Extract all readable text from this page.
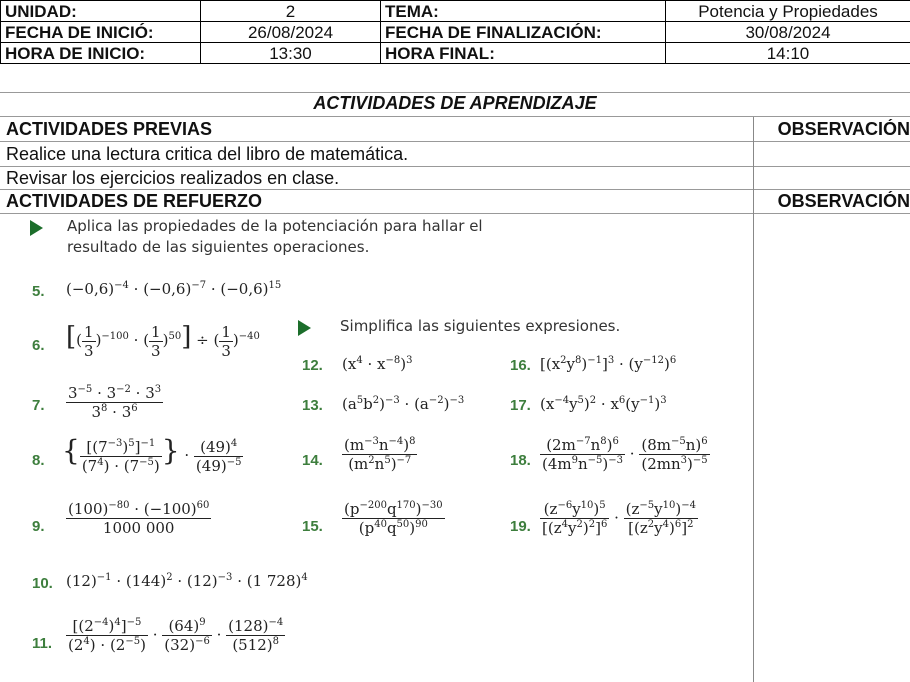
UNIDAD:	2	TEMA:	Potencia y Propiedades
FECHA DE INICIÓ:	26/08/2024	FECHA DE FINALIZACIÓN:	30/08/2024
HORA DE INICIO:	13:30	HORA FINAL:	14:10
ACTIVIDADES DE APRENDIZAJE
ACTIVIDADES PREVIAS	OBSERVACIÓN
Realice una lectura critica del libro de matemática.
Revisar los ejercicios realizados en clase.
ACTIVIDADES DE REFUERZO	OBSERVACIÓN
Aplica las propiedades de la potenciación para hallar el resultado de las siguientes operaciones.
5. $(-0,6)^{-4} \cdot (-0,6)^{-7} \cdot (-0,6)^{15}$
6. [( $\frac{1}{3} )^{-100}$ · ( $\frac{1}{3} )^{50}$] ÷ ( $\frac{1}{3} )^{-40}$
Simplifica las siguientes expresiones.
12. $(x^4 \cdot x^{-8})^3$	16. $[(x^2y^8)^{-1}]^3 \cdot (y^{-12})^6$
7. $\frac{3^{-5} \cdot 3^{-2} \cdot 3^3}{3^8 \cdot 3^6}$	13. $(a^5b^2)^{-3} \cdot (a^{-2})^{-3}$	17. $(x^{-4}y^5)^2 \cdot x^6(y^{-1})^3$
8. { $\frac{[(7^{-3})^5]^{-1}}{(7^4) \cdot (7^{-5})}$ } · $\frac{(49)^4}{(49)^{-5}}$	14. $\frac{(m^{-3}n^{-4})^8}{(m^2n^5)^{-7}}$	18. $\frac{(2m^{-7}n^8)^6}{(4m^9n^{-5})^{-3}} \cdot \frac{(8m^{-5}n)^6}{(2mn^3)^{-5}}$
9. $\frac{(100)^{-80} \cdot (-100)^{60}}{1000 000}$	15. $\frac{(p^{-200}q^{170})^{-30}}{(p^{40}q^{50})^{90}}$	19. $\frac{(z^{-6}y^{10})^5}{[(z^4y^2)^2]^6} \cdot \frac{(z^{-5}y^{10})^{-4}}{[(z^2y^4)^6]^2}$
10. $(12)^{-1} \cdot (144)^2 \cdot (12)^{-3} \cdot (1$ 728)$^4$
11. $\frac{[(2^{-4})^4]^{-5}}{(2^4) \cdot (2^{-5})} \cdot \frac{(64)^9}{(32)^{-6}} \cdot \frac{(128)^{-4}}{(512)^8}$
